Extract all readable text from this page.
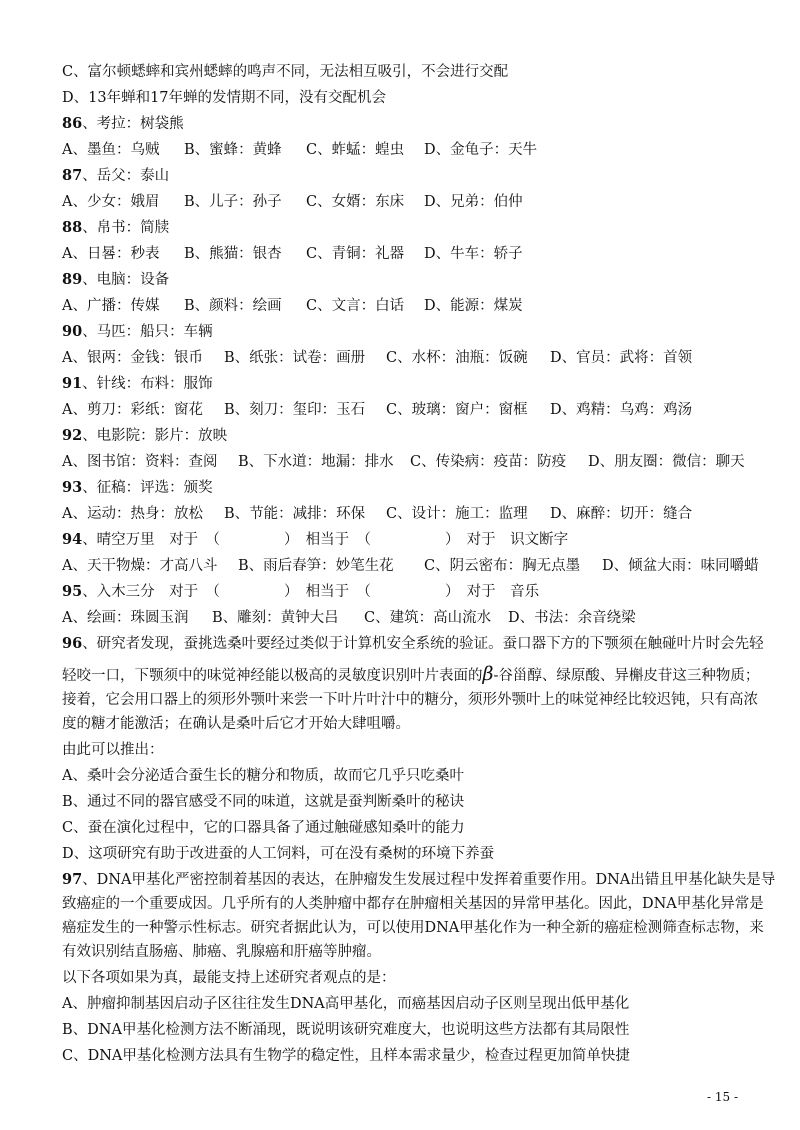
C、富尔顿蟋蟀和宾州蟋蟀的鸣声不同，无法相互吸引，不会进行交配
D、13年蝉和17年蝉的发情期不同，没有交配机会
86、考拉：树袋熊
A、墨鱼：乌贼 B、蜜蜂：黄蜂 C、蚱蜢：蝗虫 D、金龟子：天牛
87、岳父：泰山
A、少女：娥眉 B、儿子：孙子 C、女婿：东床 D、兄弟：伯仲
88、帛书：简牍
A、日晷：秒表 B、熊猫：银杏 C、青铜：礼器 D、牛车：轿子
89、电脑：设备
A、广播：传媒 B、颜料：绘画 C、文言：白话 D、能源：煤炭
90、马匹：船只：车辆
A、银两：金钱：银币 B、纸张：试卷：画册 C、水杯：油瓶：饭碗 D、官员：武将：首领
91、针线：布料：服饰
A、剪刀：彩纸：窗花 B、刻刀：玺印：玉石 C、玻璃：窗户：窗框 D、鸡精：乌鸡：鸡汤
92、电影院：影片：放映
A、图书馆：资料：查阅 B、下水道：地漏：排水 C、传染病：疫苗：防疫 D、朋友圈：微信：聊天
93、征稿：评选：颁奖
A、运动：热身：放松 B、节能：减排：环保 C、设计：施工：监理 D、麻醉：切开：缝合
94、晴空万里　对于　（	）　相当于　（	）　对于　识文断字
A、天干物燥：才高八斗 B、雨后春笋：妙笔生花 C、阴云密布：胸无点墨 D、倾盆大雨：味同嚼蜡
95、入木三分　对于　（	）　相当于　（	）　对于　音乐
A、绘画：珠圆玉润 B、雕刻：黄钟大吕 C、建筑：高山流水 D、书法：余音绕梁
96、研究者发现，蚕挑选桑叶要经过类似于计算机安全系统的验证。蚕口器下方的下颚须在触碰叶片时会先轻
轻咬一口，下颚须中的味觉神经能以极高的灵敏度识别叶片表面的β-谷甾醇、绿原酸、异槲皮苷这三种物质；
接着，它会用口器上的须形外颚叶来尝一下叶片叶汁中的糖分，须形外颚叶上的味觉神经比较迟钝，只有高浓
度的糖才能激活；在确认是桑叶后它才开始大肆咀嚼。
由此可以推出：
A、桑叶会分泌适合蚕生长的糖分和物质，故而它几乎只吃桑叶
B、通过不同的器官感受不同的味道，这就是蚕判断桑叶的秘诀
C、蚕在演化过程中，它的口器具备了通过触碰感知桑叶的能力
D、这项研究有助于改进蚕的人工饲料，可在没有桑树的环境下养蚕
97、DNA甲基化严密控制着基因的表达，在肿瘤发生发展过程中发挥着重要作用。DNA出错且甲基化缺失是导
致癌症的一个重要成因。几乎所有的人类肿瘤中都存在肿瘤相关基因的异常甲基化。因此，DNA甲基化异常是
癌症发生的一种警示性标志。研究者据此认为，可以使用DNA甲基化作为一种全新的癌症检测筛查标志物，来
有效识别结直肠癌、肺癌、乳腺癌和肝癌等肿瘤。
以下各项如果为真，最能支持上述研究者观点的是：
A、肿瘤抑制基因启动子区往往发生DNA高甲基化，而癌基因启动子区则呈现出低甲基化
B、DNA甲基化检测方法不断涌现，既说明该研究难度大，也说明这些方法都有其局限性
C、DNA甲基化检测方法具有生物学的稳定性，且样本需求量少，检查过程更加简单快捷
- 15 -
